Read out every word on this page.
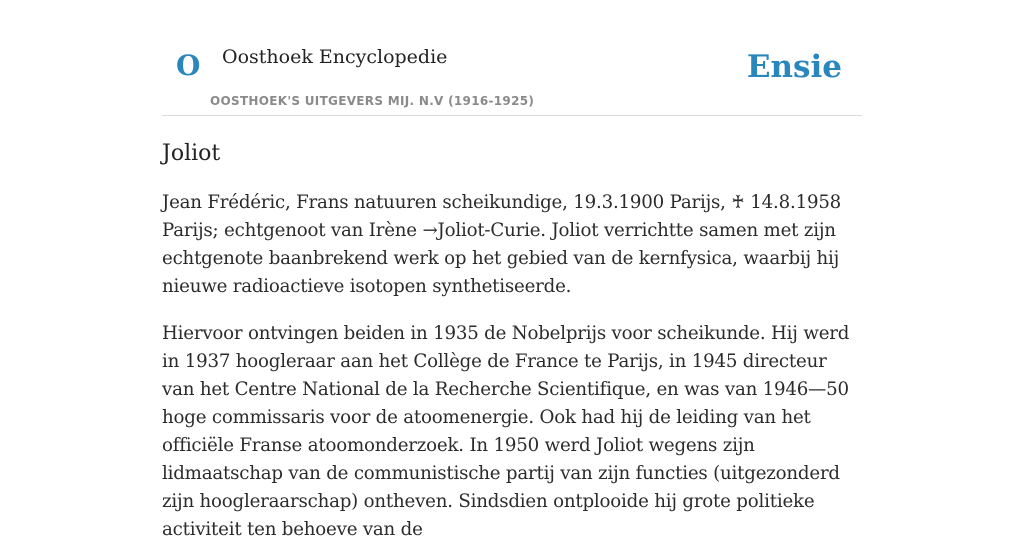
O Oosthoek Encyclopedie
OOSTHOEK'S UITGEVERS MIJ. N.V (1916-1925)
Ensie
Joliot

Jean Frédéric, Frans natuuren scheikundige, 19.3.1900 Parijs, ♰ 14.8.1958 Parijs; echtgenoot van Irène →Joliot-Curie. Joliot verrichtte samen met zijn echtgenote baanbrekend werk op het gebied van de kernfysica, waarbij hij nieuwe radioactieve isotopen synthetiseerde.

Hiervoor ontvingen beiden in 1935 de Nobelprijs voor scheikunde. Hij werd in 1937 hoogleraar aan het Collège de France te Parijs, in 1945 directeur van het Centre National de la Recherche Scientifique, en was van 1946—50 hoge commissaris voor de atoomenergie. Ook had hij de leiding van het officiële Franse atoomonderzoek. In 1950 werd Joliot wegens zijn lidmaatschap van de communistische partij van zijn functies (uitgezonderd zijn hoogleraarschap) ontheven. Sindsdien ontplooide hij grote politieke activiteit ten behoeve van de
